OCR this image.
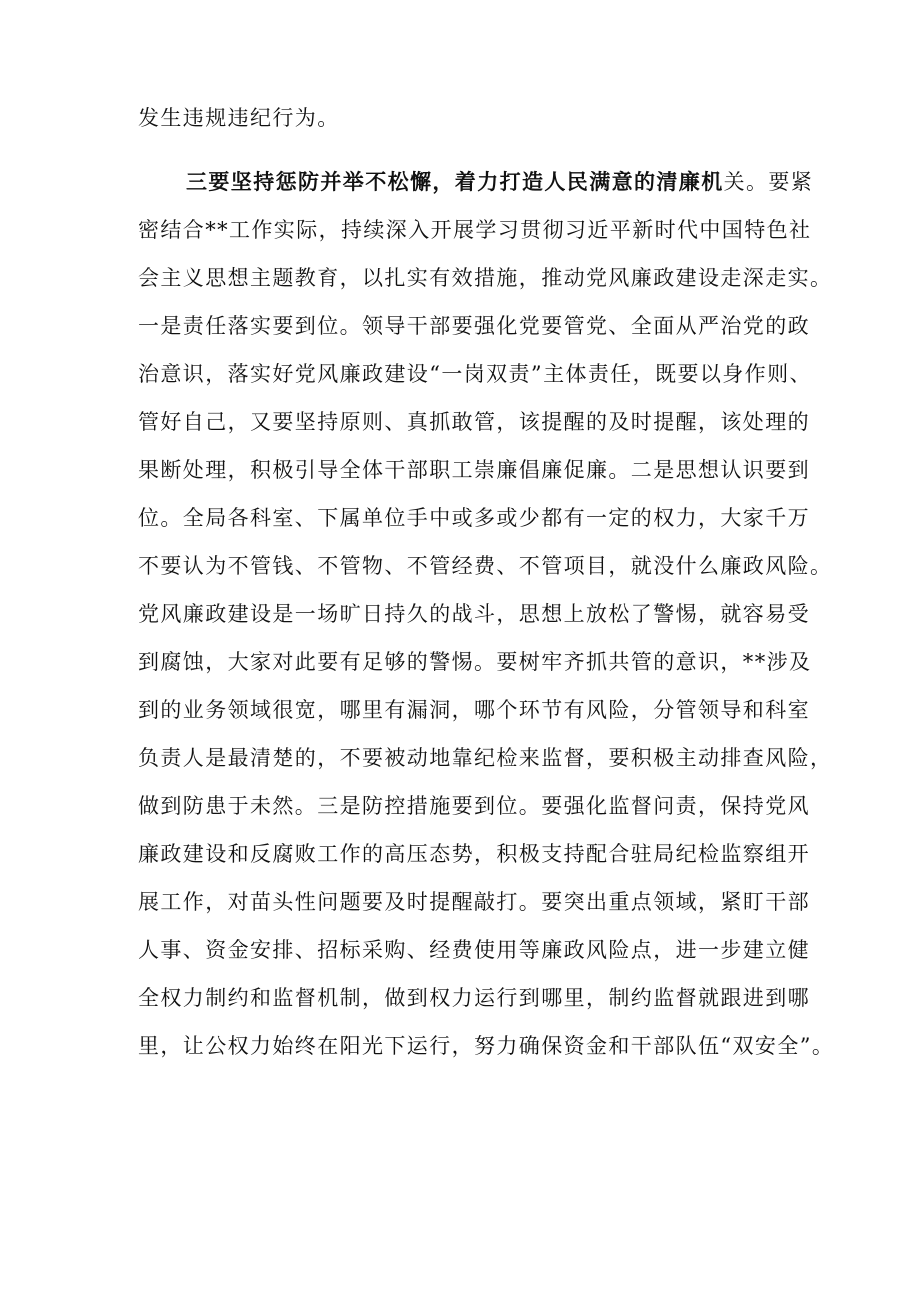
发生违规违纪行为。
三要坚持惩防并举不松懈，着力打造人民满意的清廉机关。要紧
密结合**工作实际，持续深入开展学习贯彻习近平新时代中国特色社
会主义思想主题教育，以扎实有效措施，推动党风廉政建设走深走实。
一是责任落实要到位。领导干部要强化党要管党、全面从严治党的政
治意识，落实好党风廉政建设“一岗双责”主体责任，既要以身作则、
管好自己，又要坚持原则、真抓敢管，该提醒的及时提醒，该处理的
果断处理，积极引导全体干部职工崇廉倡廉促廉。二是思想认识要到
位。全局各科室、下属单位手中或多或少都有一定的权力，大家千万
不要认为不管钱、不管物、不管经费、不管项目，就没什么廉政风险。
党风廉政建设是一场旷日持久的战斗，思想上放松了警惕，就容易受
到腐蚀，大家对此要有足够的警惕。要树牢齐抓共管的意识，**涉及
到的业务领域很宽，哪里有漏洞，哪个环节有风险，分管领导和科室
负责人是最清楚的，不要被动地靠纪检来监督，要积极主动排查风险，
做到防患于未然。三是防控措施要到位。要强化监督问责，保持党风
廉政建设和反腐败工作的高压态势，积极支持配合驻局纪检监察组开
展工作，对苗头性问题要及时提醒敲打。要突出重点领域，紧盯干部
人事、资金安排、招标采购、经费使用等廉政风险点，进一步建立健
全权力制约和监督机制，做到权力运行到哪里，制约监督就跟进到哪
里，让公权力始终在阳光下运行，努力确保资金和干部队伍“双安全”。
